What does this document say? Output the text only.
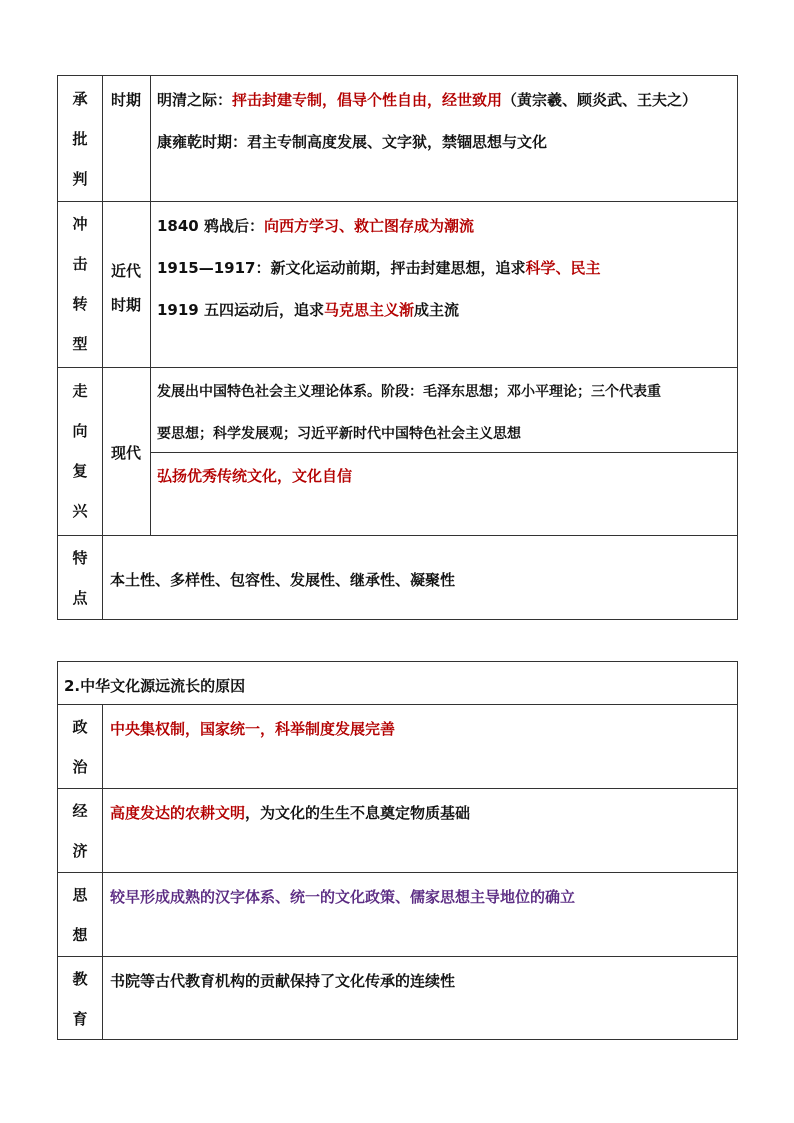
承
批
判
时期	明清之际：抨击封建专制，倡导个性自由，经世致用（黄宗羲、顾炎武、王夫之）
康雍乾时期：君主专制高度发展、文字狱，禁锢思想与文化
冲
击
转
型
近代
时期
1840 鸦战后：向西方学习、救亡图存成为潮流
1915—1917：新文化运动前期，抨击封建思想，追求科学、民主
1919 五四运动后，追求马克思主义渐成主流
走
向
复
兴
现代
发展出中国特色社会主义理论体系。阶段：毛泽东思想；邓小平理论；三个代表重
要思想；科学发展观；习近平新时代中国特色社会主义思想
弘扬优秀传统文化，文化自信
特
点
本土性、多样性、包容性、发展性、继承性、凝聚性
2.中华文化源远流长的原因
政
治
中央集权制，国家统一，科举制度发展完善
经
济
高度发达的农耕文明，为文化的生生不息奠定物质基础
思
想
较早形成成熟的汉字体系、统一的文化政策、儒家思想主导地位的确立
教
育
书院等古代教育机构的贡献保持了文化传承的连续性
